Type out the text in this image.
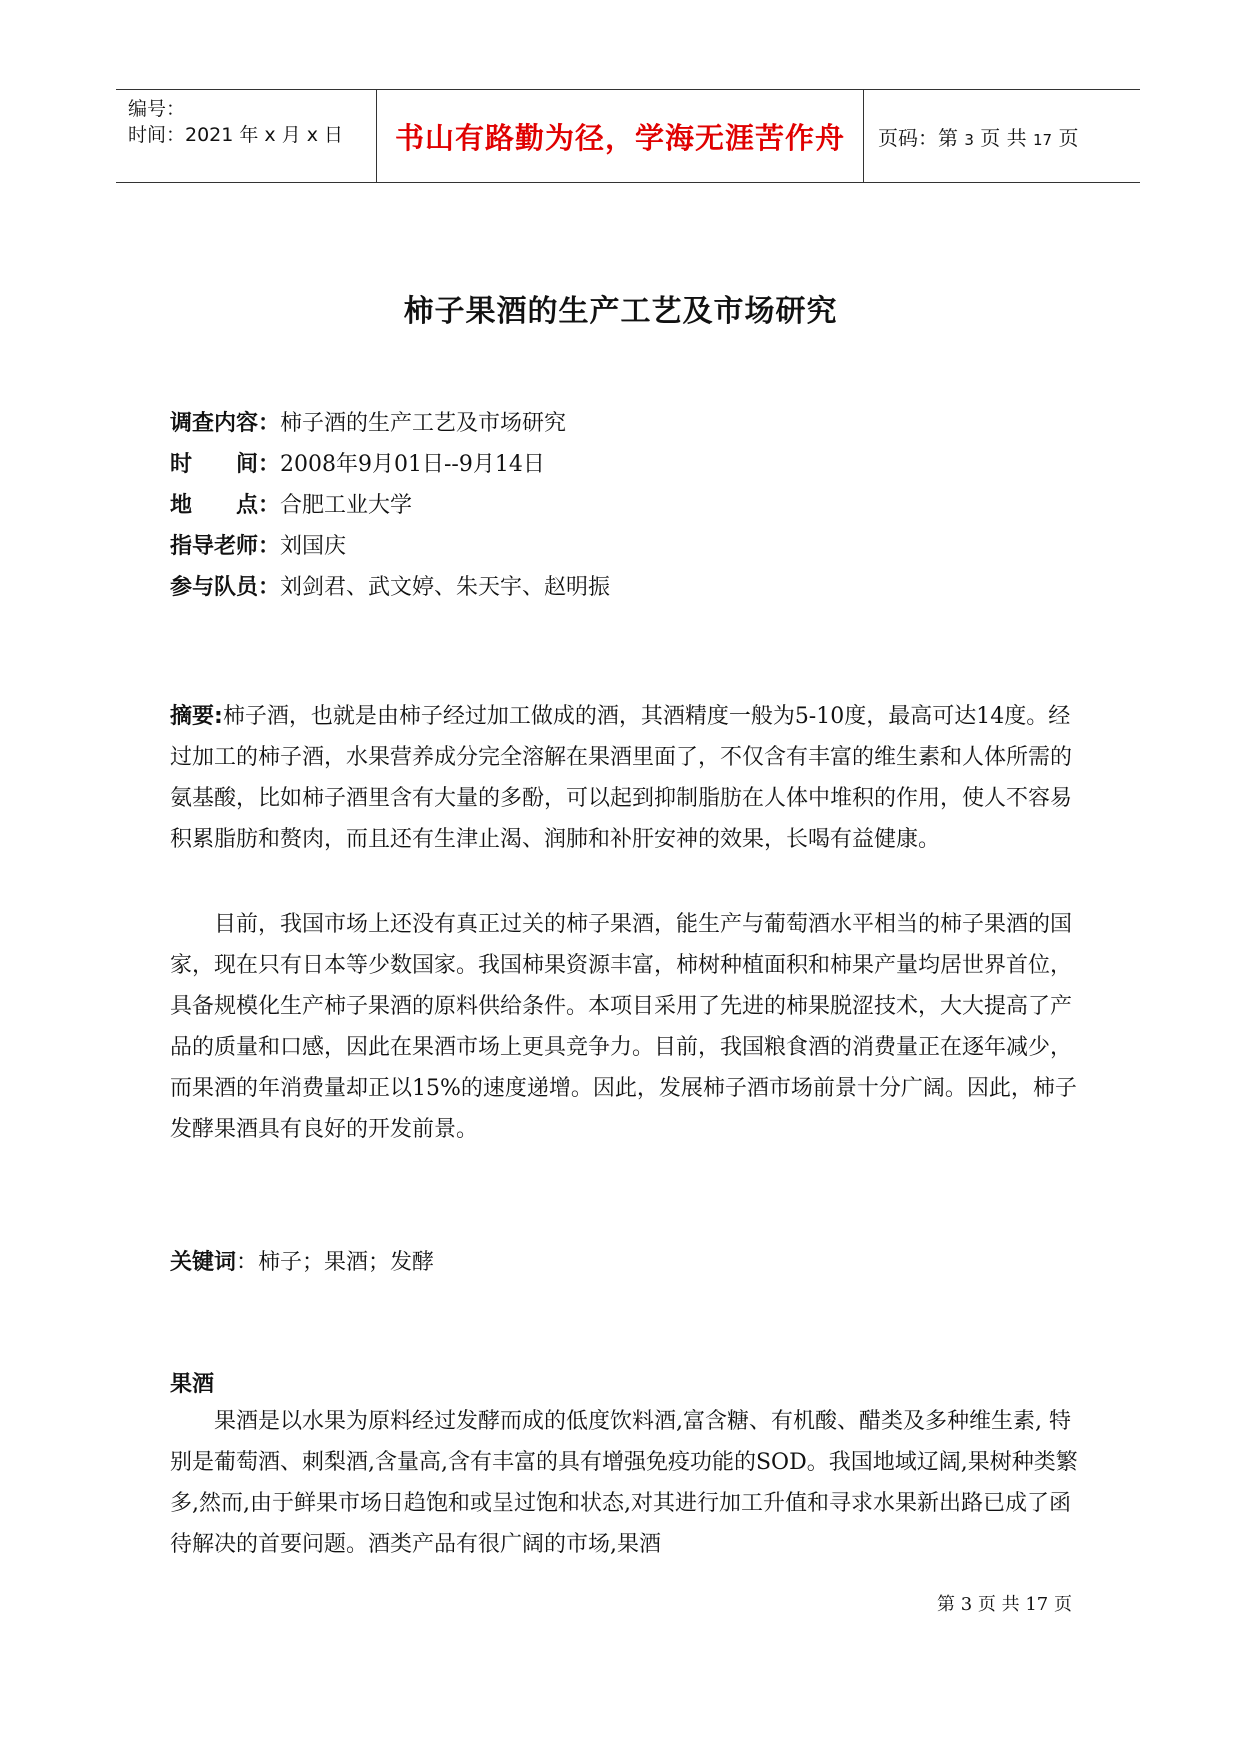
编号：
时间：2021 年 x 月 x 日 书山有路勤为径，学海无涯苦作舟 页码：第 3 页 共 17 页
柿子果酒的生产工艺及市场研究
调查内容：柿子酒的生产工艺及市场研究
时　　间：2008年9月01日--9月14日
地　　点：合肥工业大学
指导老师：刘国庆
参与队员：刘剑君、武文婷、朱天宇、赵明振

摘要:柿子酒，也就是由柿子经过加工做成的酒，其酒精度一般为5-10度，最高可达14度。经过加工的柿子酒，水果营养成分完全溶解在果酒里面了，不仅含有丰富的维生素和人体所需的氨基酸，比如柿子酒里含有大量的多酚，可以起到抑制脂肪在人体中堆积的作用，使人不容易积累脂肪和赘肉，而且还有生津止渴、润肺和补肝安神的效果，长喝有益健康。

目前，我国市场上还没有真正过关的柿子果酒，能生产与葡萄酒水平相当的柿子果酒的国家，现在只有日本等少数国家。我国柿果资源丰富，柿树种植面积和柿果产量均居世界首位，具备规模化生产柿子果酒的原料供给条件。本项目采用了先进的柿果脱涩技术，大大提高了产品的质量和口感，因此在果酒市场上更具竞争力。目前，我国粮食酒的消费量正在逐年减少，而果酒的年消费量却正以15%的速度递增。因此，发展柿子酒市场前景十分广阔。因此，柿子发酵果酒具有良好的开发前景。

关键词：柿子；果酒；发酵
果酒

果酒是以水果为原料经过发酵而成的低度饮料酒,富含糖、有机酸、醋类及多种维生素, 特别是葡萄酒、刺梨酒,含量高,含有丰富的具有增强免疫功能的SOD。我国地域辽阔,果树种类繁多,然而,由于鲜果市场日趋饱和或呈过饱和状态,对其进行加工升值和寻求水果新出路已成了函待解决的首要问题。酒类产品有很广阔的市场,果酒

第 3 页 共 17 页
